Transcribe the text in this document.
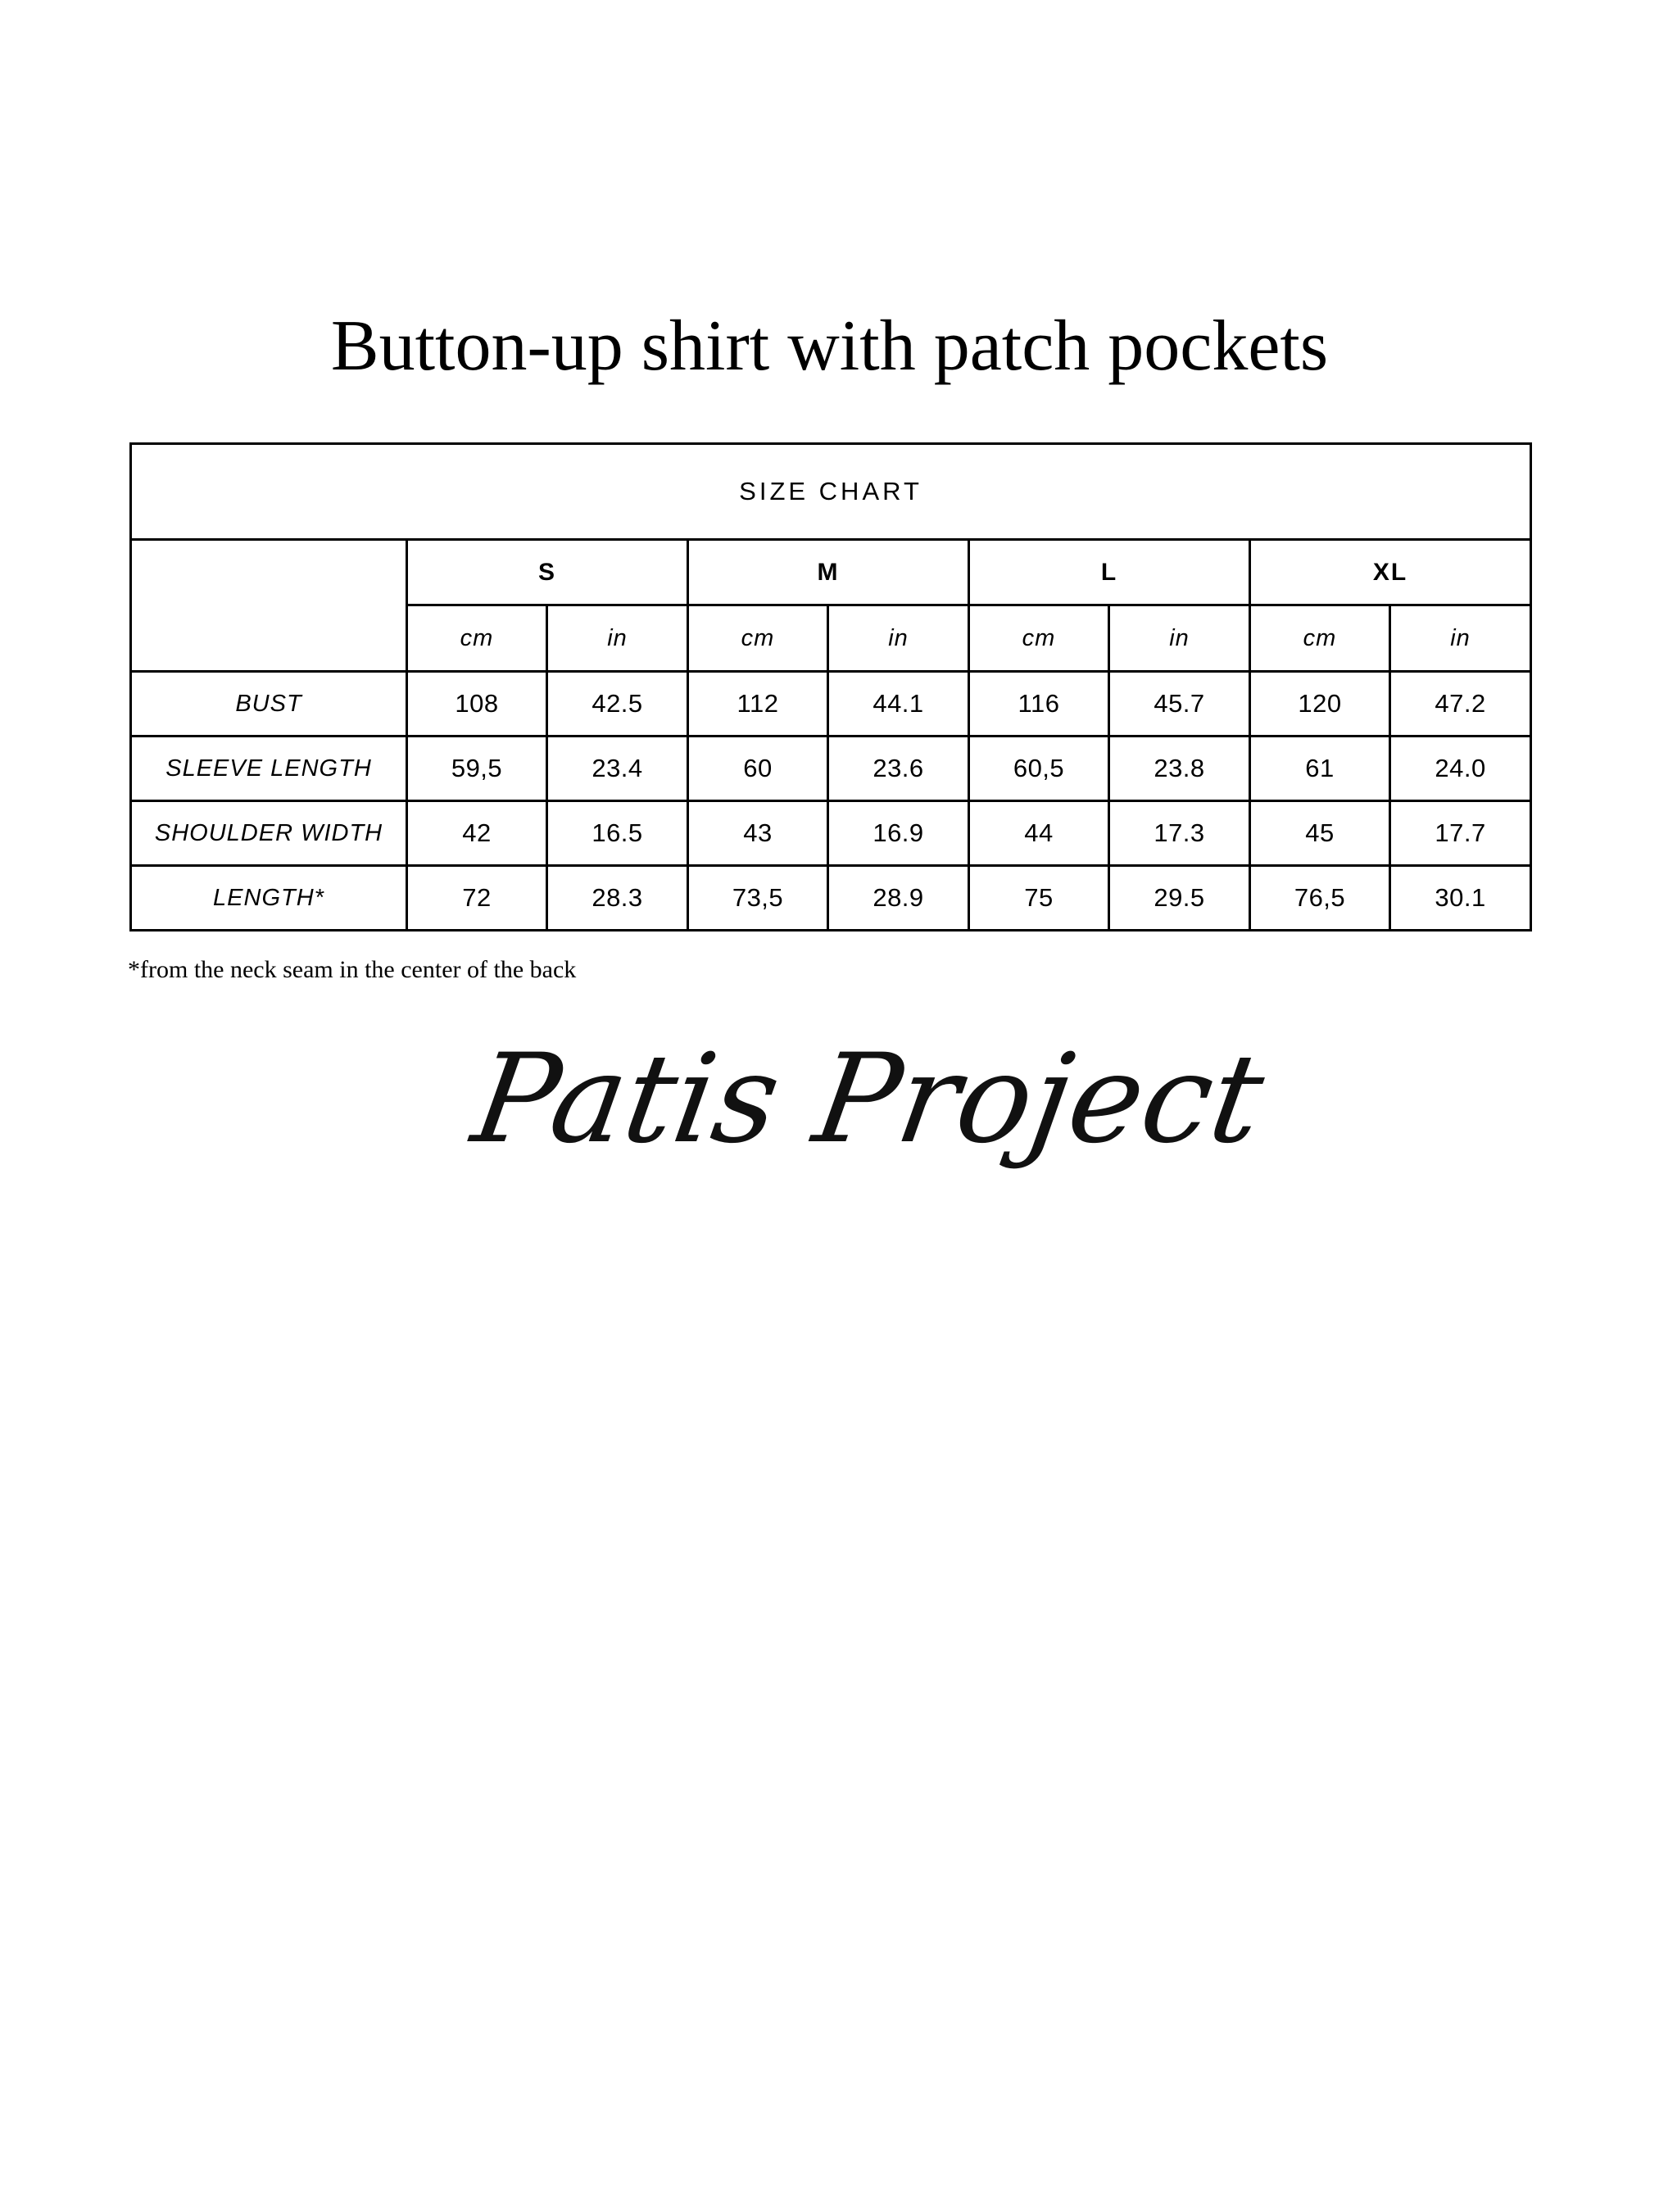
Button-up shirt with patch pockets
SIZE CHART								
	S		M		L		XL	
	cm	in	cm	in	cm	in	cm	in
BUST	108	42.5	112	44.1	116	45.7	120	47.2
SLEEVE LENGTH	59,5	23.4	60	23.6	60,5	23.8	61	24.0
SHOULDER WIDTH	42	16.5	43	16.9	44	17.3	45	17.7
LENGTH*	72	28.3	73,5	28.9	75	29.5	76,5	30.1
*from the neck seam in the center of the back
Patis Project
